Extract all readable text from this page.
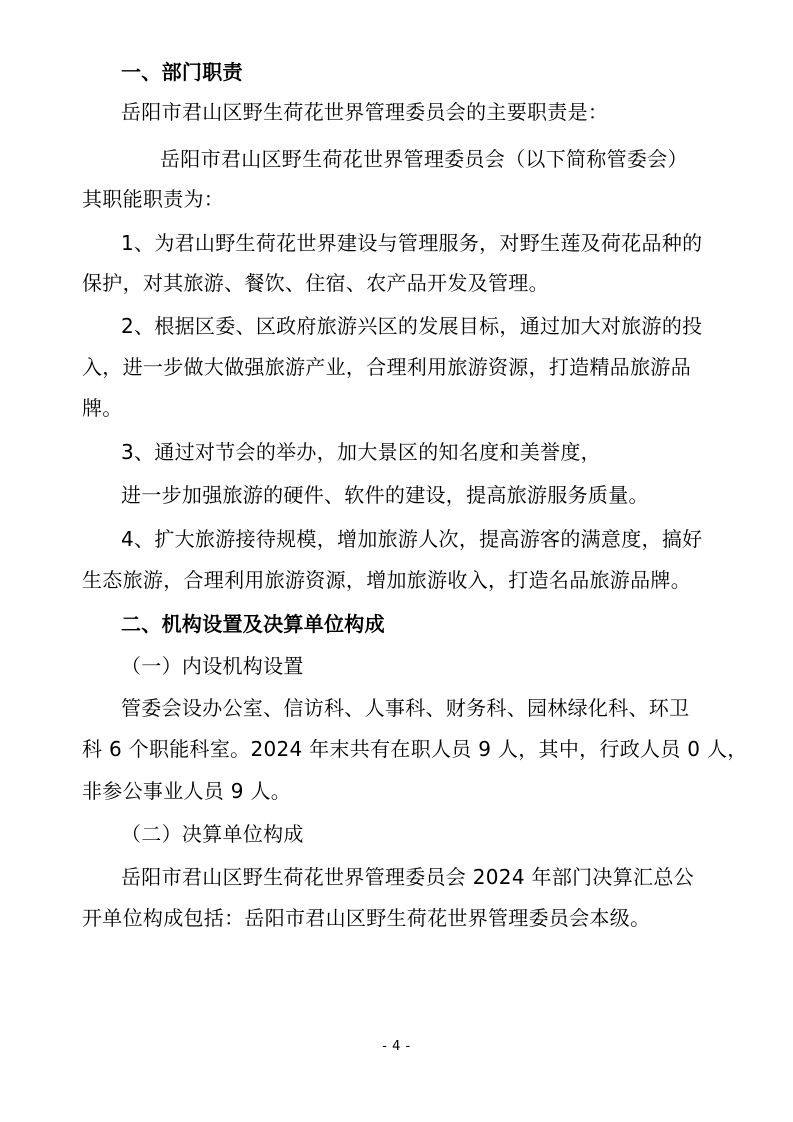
一、部门职责
岳阳市君山区野生荷花世界管理委员会的主要职责是：
岳阳市君山区野生荷花世界管理委员会（以下简称管委会）
其职能职责为：
1、为君山野生荷花世界建设与管理服务，对野生莲及荷花品种的
保护，对其旅游、餐饮、住宿、农产品开发及管理。
2、根据区委、区政府旅游兴区的发展目标，通过加大对旅游的投
入，进一步做大做强旅游产业，合理利用旅游资源，打造精品旅游品
牌。
3、通过对节会的举办，加大景区的知名度和美誉度，
进一步加强旅游的硬件、软件的建设，提高旅游服务质量。
4、扩大旅游接待规模，增加旅游人次，提高游客的满意度，搞好
生态旅游，合理利用旅游资源，增加旅游收入，打造名品旅游品牌。
二、机构设置及决算单位构成
（一）内设机构设置
管委会设办公室、信访科、人事科、财务科、园林绿化科、环卫
科 6 个职能科室。2024 年末共有在职人员 9 人，其中，行政人员 0 人，
非参公事业人员 9 人。
（二）决算单位构成
岳阳市君山区野生荷花世界管理委员会 2024 年部门决算汇总公
开单位构成包括：岳阳市君山区野生荷花世界管理委员会本级。
- 4 -
